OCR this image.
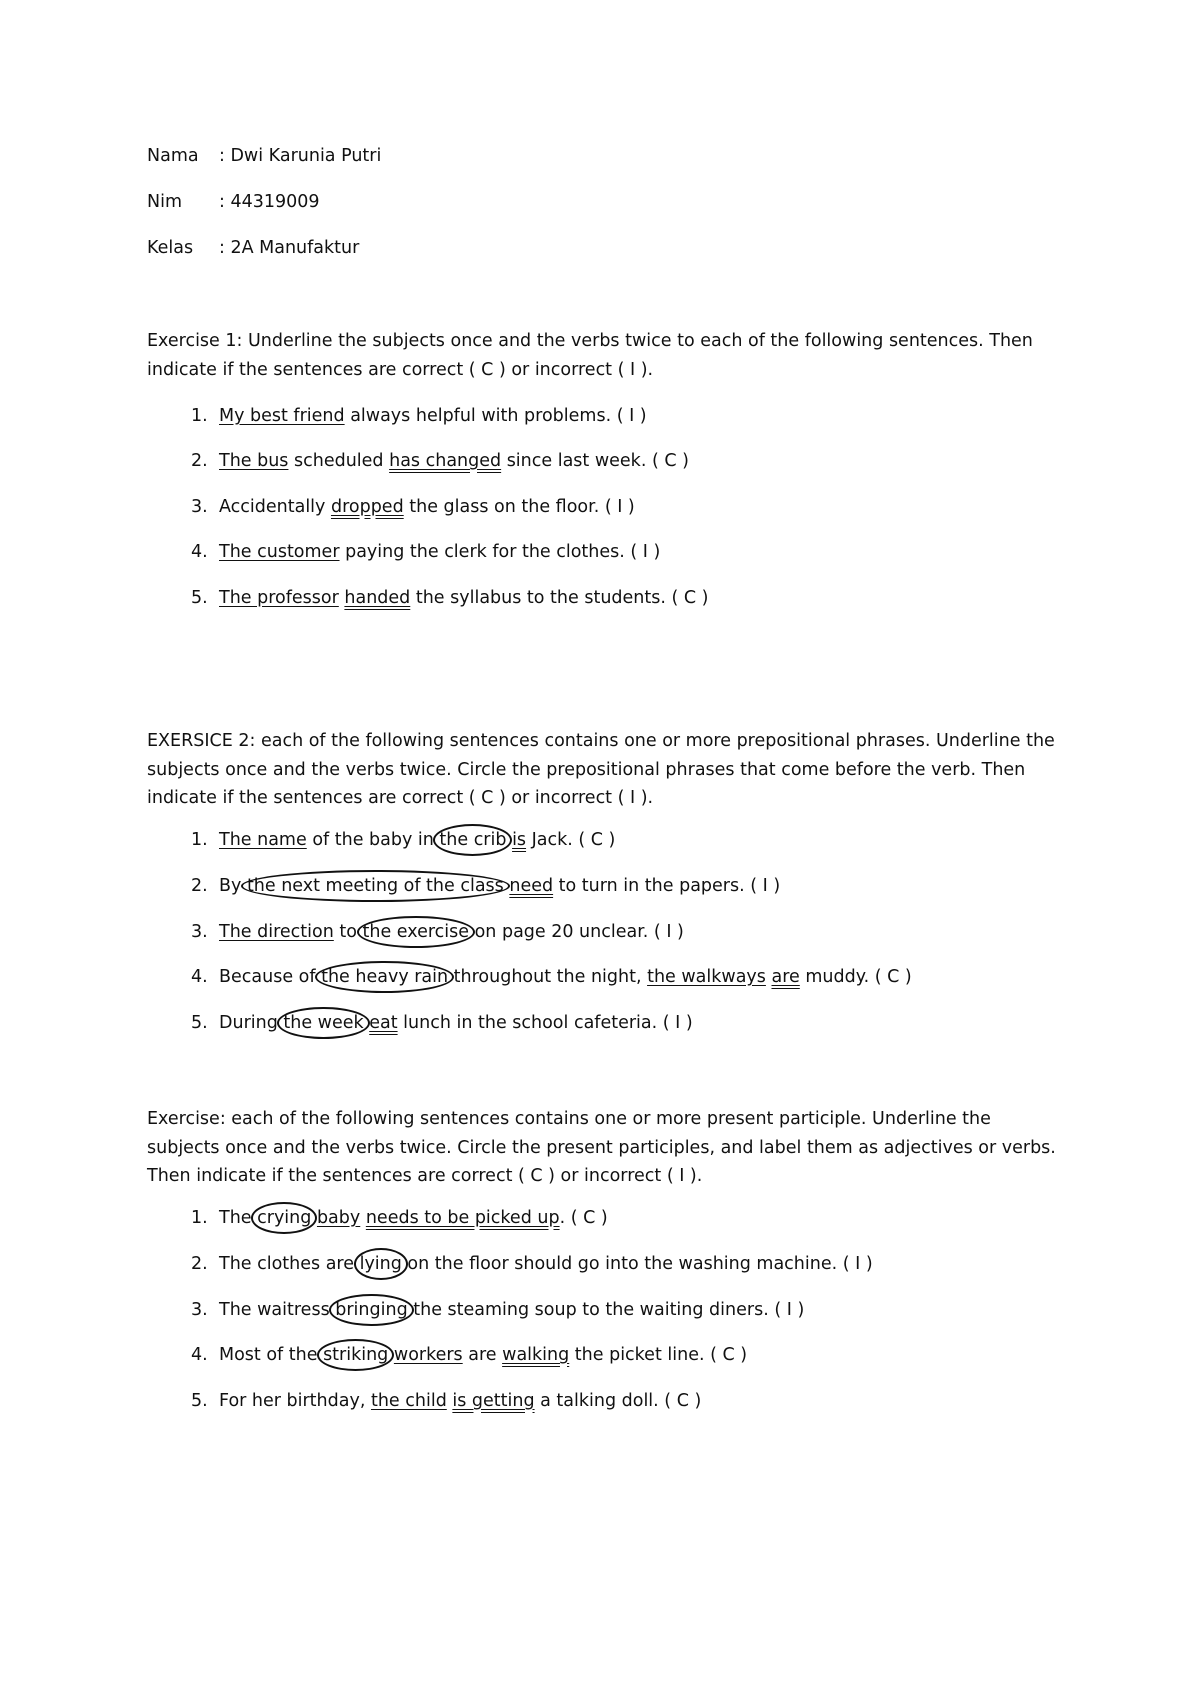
Nama : Dwi Karunia Putri
Nim : 44319009
Kelas : 2A Manufaktur
Exercise 1: Underline the subjects once and the verbs twice to each of the following sentences. Then indicate if the sentences are correct ( C ) or incorrect ( I ).
1. My best friend always helpful with problems. ( I )
2. The bus scheduled has changed since last week. ( C )
3. Accidentally dropped the glass on the floor. ( I )
4. The customer paying the clerk for the clothes. ( I )
5. The professor handed the syllabus to the students. ( C )
EXERSICE 2: each of the following sentences contains one or more prepositional phrases. Underline the subjects once and the verbs twice. Circle the prepositional phrases that come before the verb. Then indicate if the sentences are correct ( C ) or incorrect ( I ).
1. The name of the baby in the crib is Jack. ( C )
2. By the next meeting of the class need to turn in the papers. ( I )
3. The direction to the exercise on page 20 unclear. ( I )
4. Because of the heavy rain throughout the night, the walkways are muddy. ( C )
5. During the week eat lunch in the school cafeteria. ( I )
Exercise: each of the following sentences contains one or more present participle. Underline the subjects once and the verbs twice. Circle the present participles, and label them as adjectives or verbs. Then indicate if the sentences are correct ( C ) or incorrect ( I ).
1. The crying baby needs to be picked up. ( C )
2. The clothes are lying on the floor should go into the washing machine. ( I )
3. The waitress bringing the steaming soup to the waiting diners. ( I )
4. Most of the striking workers are walking the picket line. ( C )
5. For her birthday, the child is getting a talking doll. ( C )
